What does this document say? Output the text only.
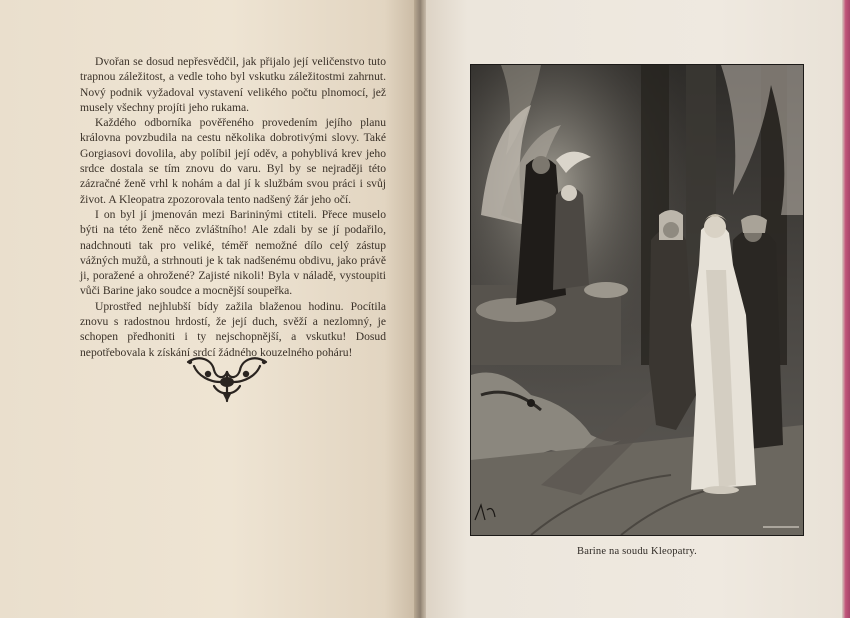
Dvořan se dosud nepřesvědčil, jak přijalo její veličenstvo tuto trapnou záležitost, a vedle toho byl vskutku záležitostmi zahrnut. Nový podnik vyžadoval vystavení velikého počtu plnomocí, jež musely všechny projíti jeho rukama.

Každého odborníka pověřeného provedením jejího planu královna povzbudila na cestu několika dobrotivými slovy. Také Gorgiasovi dovolila, aby políbil její oděv, a pohyblivá krev jeho srdce dostala se tím znovu do varu. Byl by se nejraději této zázračné ženě vrhl k nohám a dal jí k službám svou práci i svůj život. A Kleopatra zpozorovala tento nadšený žár jeho očí.

I on byl jí jmenován mezi Barininými ctiteli. Přece muselo býti na této ženě něco zvláštního! Ale zdali by se jí podařilo, nadchnouti tak pro veliké, téměř nemožné dílo celý zástup vážných mužů, a strhnouti je k tak nadšenému obdivu, jako právě ji, poražené a ohrožené? Zajisté nikoli! Byla v náladě, vystoupiti vůči Barine jako soudce a mocnější soupeřka.

Uprostřed nejhlubší bídy zažila blaženou hodinu. Pocítila znovu s radostnou hrdostí, že její duch, svěží a nezlomný, je schopen předhoniti i ty nejschopnější, a vskutku! Dosud nepotřebovala k získání srdcí žádného kouzelného poháru!

Barine na soudu Kleopatry.
